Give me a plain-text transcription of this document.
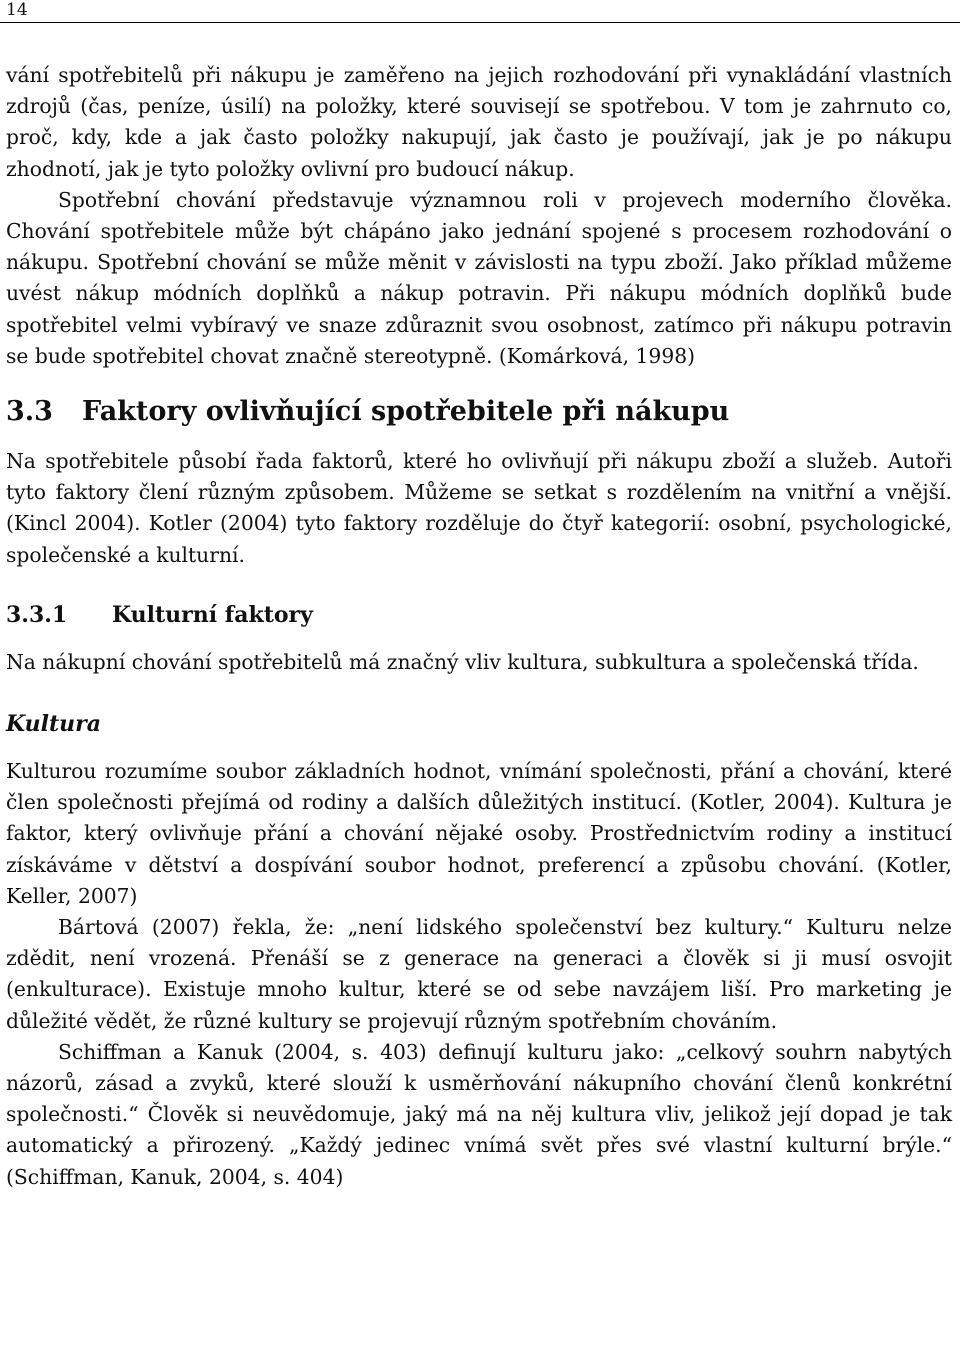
14

vání spotřebitelů při nákupu je zaměřeno na jejich rozhodování při vynakládání vlastních zdrojů (čas, peníze, úsilí) na položky, které souvisejí se spotřebou. V tom je zahrnuto co, proč, kdy, kde a jak často položky nakupují, jak často je používají, jak je po nákupu zhodnotí, jak je tyto položky ovlivní pro budoucí nákup.

Spotřební chování představuje významnou roli v projevech moderního člověka. Chování spotřebitele může být chápáno jako jednání spojené s procesem rozhodování o nákupu. Spotřební chování se může měnit v závislosti na typu zboží. Jako příklad můžeme uvést nákup módních doplňků a nákup potravin. Při nákupu módních doplňků bude spotřebitel velmi vybíravý ve snaze zdůraznit svou osobnost, zatímco při nákupu potravin se bude spotřebitel chovat značně stereotypně. (Komárková, 1998)

3.3 Faktory ovlivňující spotřebitele při nákupu

Na spotřebitele působí řada faktorů, které ho ovlivňují při nákupu zboží a služeb. Autoři tyto faktory člení různým způsobem. Můžeme se setkat s rozdělením na vnitřní a vnější. (Kincl 2004). Kotler (2004) tyto faktory rozděluje do čtyř kategorií: osobní, psychologické, společenské a kulturní.

3.3.1 Kulturní faktory

Na nákupní chování spotřebitelů má značný vliv kultura, subkultura a společenská třída.

Kultura

Kulturou rozumíme soubor základních hodnot, vnímání společnosti, přání a chování, které člen společnosti přejímá od rodiny a dalších důležitých institucí. (Kotler, 2004). Kultura je faktor, který ovlivňuje přání a chování nějaké osoby. Prostřednictvím rodiny a institucí získáváme v dětství a dospívání soubor hodnot, preferencí a způsobu chování. (Kotler, Keller, 2007)

Bártová (2007) řekla, že: „není lidského společenství bez kultury.“ Kulturu nelze zdědit, není vrozená. Přenáší se z generace na generaci a člověk si ji musí osvojit (enkulturace). Existuje mnoho kultur, které se od sebe navzájem liší. Pro marketing je důležité vědět, že různé kultury se projevují různým spotřebním chováním.

Schiffman a Kanuk (2004, s. 403) definují kulturu jako: „celkový souhrn nabytých názorů, zásad a zvyků, které slouží k usměrňování nákupního chování členů konkrétní společnosti.“ Člověk si neuvědomuje, jaký má na něj kultura vliv, jelikož její dopad je tak automatický a přirozený. „Každý jedinec vnímá svět přes své vlastní kulturní brýle.“ (Schiffman, Kanuk, 2004, s. 404)
